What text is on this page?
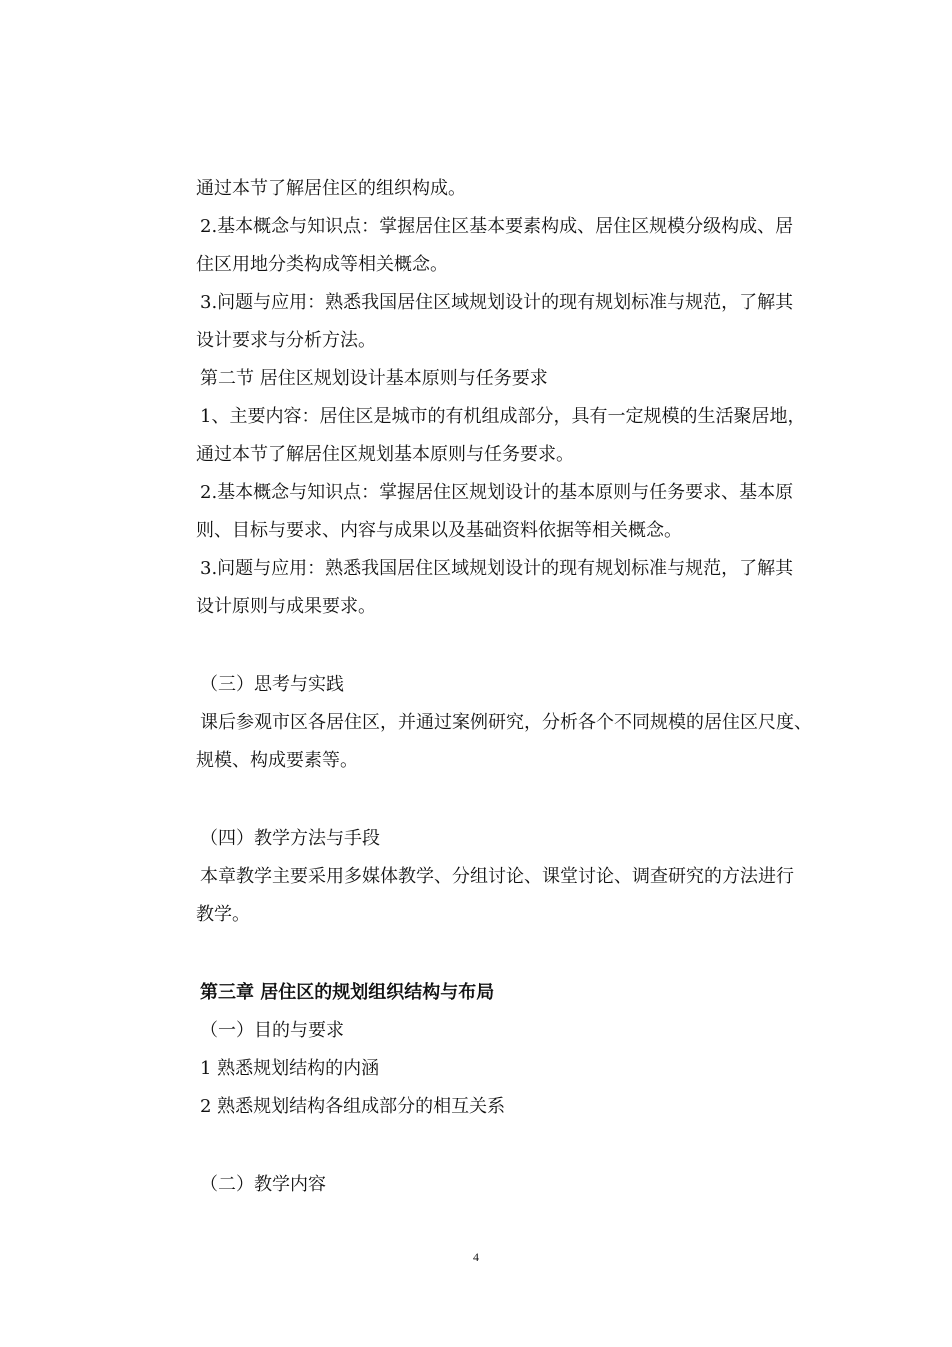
通过本节了解居住区的组织构成。
2.基本概念与知识点：掌握居住区基本要素构成、居住区规模分级构成、居
住区用地分类构成等相关概念。
3.问题与应用：熟悉我国居住区域规划设计的现有规划标准与规范，了解其
设计要求与分析方法。
第二节 居住区规划设计基本原则与任务要求
1、主要内容：居住区是城市的有机组成部分，具有一定规模的生活聚居地，
通过本节了解居住区规划基本原则与任务要求。
2.基本概念与知识点：掌握居住区规划设计的基本原则与任务要求、基本原
则、目标与要求、内容与成果以及基础资料依据等相关概念。
3.问题与应用：熟悉我国居住区域规划设计的现有规划标准与规范，了解其
设计原则与成果要求。
（三）思考与实践
课后参观市区各居住区，并通过案例研究，分析各个不同规模的居住区尺度、
规模、构成要素等。
（四）教学方法与手段
本章教学主要采用多媒体教学、分组讨论、课堂讨论、调查研究的方法进行
教学。
第三章 居住区的规划组织结构与布局
（一）目的与要求
1 熟悉规划结构的内涵
2 熟悉规划结构各组成部分的相互关系
（二）教学内容
4
